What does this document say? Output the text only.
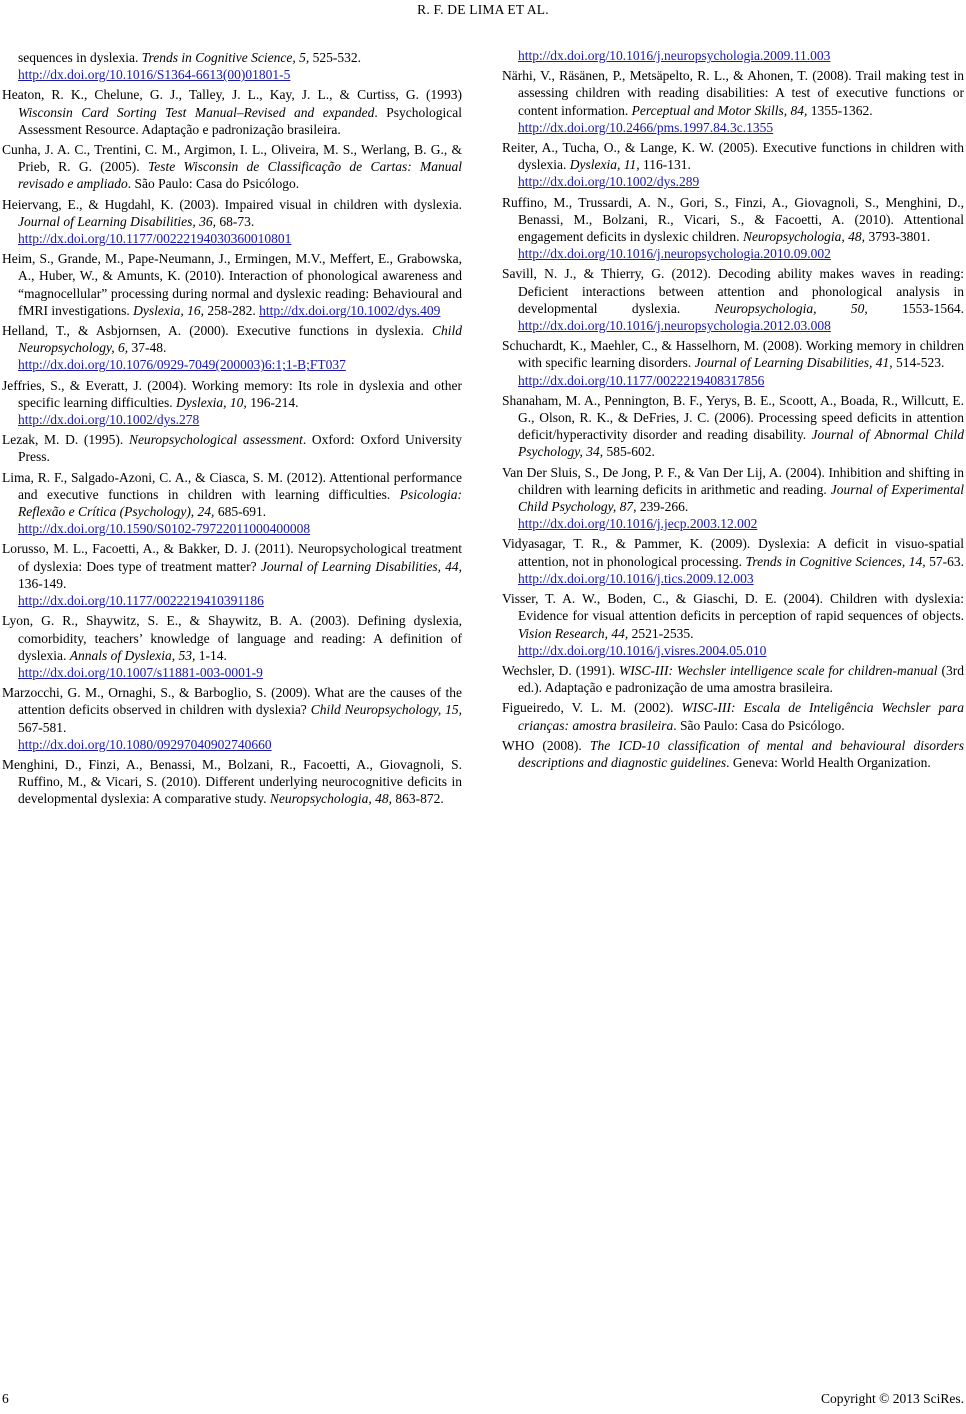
R. F. DE LIMA ET AL.

sequences in dyslexia. Trends in Cognitive Science, 5, 525-532.
http://dx.doi.org/10.1016/S1364-6613(00)01801-5

Heaton, R. K., Chelune, G. J., Talley, J. L., Kay, J. L., & Curtiss, G. (1993) Wisconsin Card Sorting Test Manual–Revised and expanded. Psychological Assessment Resource. Adaptação e padronização brasileira.

Cunha, J. A. C., Trentini, C. M., Argimon, I. L., Oliveira, M. S., Werlang, B. G., & Prieb, R. G. (2005). Teste Wisconsin de Classificação de Cartas: Manual revisado e ampliado. São Paulo: Casa do Psicólogo.

Heiervang, E., & Hugdahl, K. (2003). Impaired visual in children with dyslexia. Journal of Learning Disabilities, 36, 68-73.
http://dx.doi.org/10.1177/00222194030360010801

Heim, S., Grande, M., Pape-Neumann, J., Ermingen, M.V., Meffert, E., Grabowska, A., Huber, W., & Amunts, K. (2010). Interaction of phonological awareness and “magnocellular” processing during normal and dyslexic reading: Behavioural and fMRI investigations. Dyslexia, 16, 258-282. http://dx.doi.org/10.1002/dys.409

Helland, T., & Asbjornsen, A. (2000). Executive functions in dyslexia. Child Neuropsychology, 6, 37-48.
http://dx.doi.org/10.1076/0929-7049(200003)6:1;1-B;FT037

Jeffries, S., & Everatt, J. (2004). Working memory: Its role in dyslexia and other specific learning difficulties. Dyslexia, 10, 196-214.
http://dx.doi.org/10.1002/dys.278

Lezak, M. D. (1995). Neuropsychological assessment. Oxford: Oxford University Press.

Lima, R. F., Salgado-Azoni, C. A., & Ciasca, S. M. (2012). Attentional performance and executive functions in children with learning difficulties. Psicologia: Reflexão e Crítica (Psychology), 24, 685-691.
http://dx.doi.org/10.1590/S0102-79722011000400008

Lorusso, M. L., Facoetti, A., & Bakker, D. J. (2011). Neuropsychological treatment of dyslexia: Does type of treatment matter? Journal of Learning Disabilities, 44, 136-149.
http://dx.doi.org/10.1177/0022219410391186

Lyon, G. R., Shaywitz, S. E., & Shaywitz, B. A. (2003). Defining dyslexia, comorbidity, teachers’ knowledge of language and reading: A definition of dyslexia. Annals of Dyslexia, 53, 1-14.
http://dx.doi.org/10.1007/s11881-003-0001-9

Marzocchi, G. M., Ornaghi, S., & Barboglio, S. (2009). What are the causes of the attention deficits observed in children with dyslexia? Child Neuropsychology, 15, 567-581.
http://dx.doi.org/10.1080/09297040902740660

Menghini, D., Finzi, A., Benassi, M., Bolzani, R., Facoetti, A., Giovagnoli, S. Ruffino, M., & Vicari, S. (2010). Different underlying neurocognitive deficits in developmental dyslexia: A comparative study. Neuropsychologia, 48, 863-872.

http://dx.doi.org/10.1016/j.neuropsychologia.2009.11.003

Närhi, V., Räsänen, P., Metsäpelto, R. L., & Ahonen, T. (2008). Trail making test in assessing children with reading disabilities: A test of executive functions or content information. Perceptual and Motor Skills, 84, 1355-1362.
http://dx.doi.org/10.2466/pms.1997.84.3c.1355

Reiter, A., Tucha, O., & Lange, K. W. (2005). Executive functions in children with dyslexia. Dyslexia, 11, 116-131.
http://dx.doi.org/10.1002/dys.289

Ruffino, M., Trussardi, A. N., Gori, S., Finzi, A., Giovagnoli, S., Menghini, D., Benassi, M., Bolzani, R., Vicari, S., & Facoetti, A. (2010). Attentional engagement deficits in dyslexic children. Neuropsychologia, 48, 3793-3801.
http://dx.doi.org/10.1016/j.neuropsychologia.2010.09.002

Savill, N. J., & Thierry, G. (2012). Decoding ability makes waves in reading: Deficient interactions between attention and phonological analysis in developmental dyslexia. Neuropsychologia, 50, 1553-1564. http://dx.doi.org/10.1016/j.neuropsychologia.2012.03.008

Schuchardt, K., Maehler, C., & Hasselhorn, M. (2008). Working memory in children with specific learning disorders. Journal of Learning Disabilities, 41, 514-523.
http://dx.doi.org/10.1177/0022219408317856

Shanaham, M. A., Pennington, B. F., Yerys, B. E., Scoott, A., Boada, R., Willcutt, E. G., Olson, R. K., & DeFries, J. C. (2006). Processing speed deficits in attention deficit/hyperactivity disorder and reading disability. Journal of Abnormal Child Psychology, 34, 585-602.

Van Der Sluis, S., De Jong, P. F., & Van Der Lij, A. (2004). Inhibition and shifting in children with learning deficits in arithmetic and reading. Journal of Experimental Child Psychology, 87, 239-266.
http://dx.doi.org/10.1016/j.jecp.2003.12.002

Vidyasagar, T. R., & Pammer, K. (2009). Dyslexia: A deficit in visuo-spatial attention, not in phonological processing. Trends in Cognitive Sciences, 14, 57-63. http://dx.doi.org/10.1016/j.tics.2009.12.003

Visser, T. A. W., Boden, C., & Giaschi, D. E. (2004). Children with dyslexia: Evidence for visual attention deficits in perception of rapid sequences of objects. Vision Research, 44, 2521-2535.
http://dx.doi.org/10.1016/j.visres.2004.05.010

Wechsler, D. (1991). WISC-III: Wechsler intelligence scale for children-manual (3rd ed.). Adaptação e padronização de uma amostra brasileira.

Figueiredo, V. L. M. (2002). WISC-III: Escala de Inteligência Wechsler para crianças: amostra brasileira. São Paulo: Casa do Psicólogo.

WHO (2008). The ICD-10 classification of mental and behavioural disorders descriptions and diagnostic guidelines. Geneva: World Health Organization.

6	Copyright © 2013 SciRes.
